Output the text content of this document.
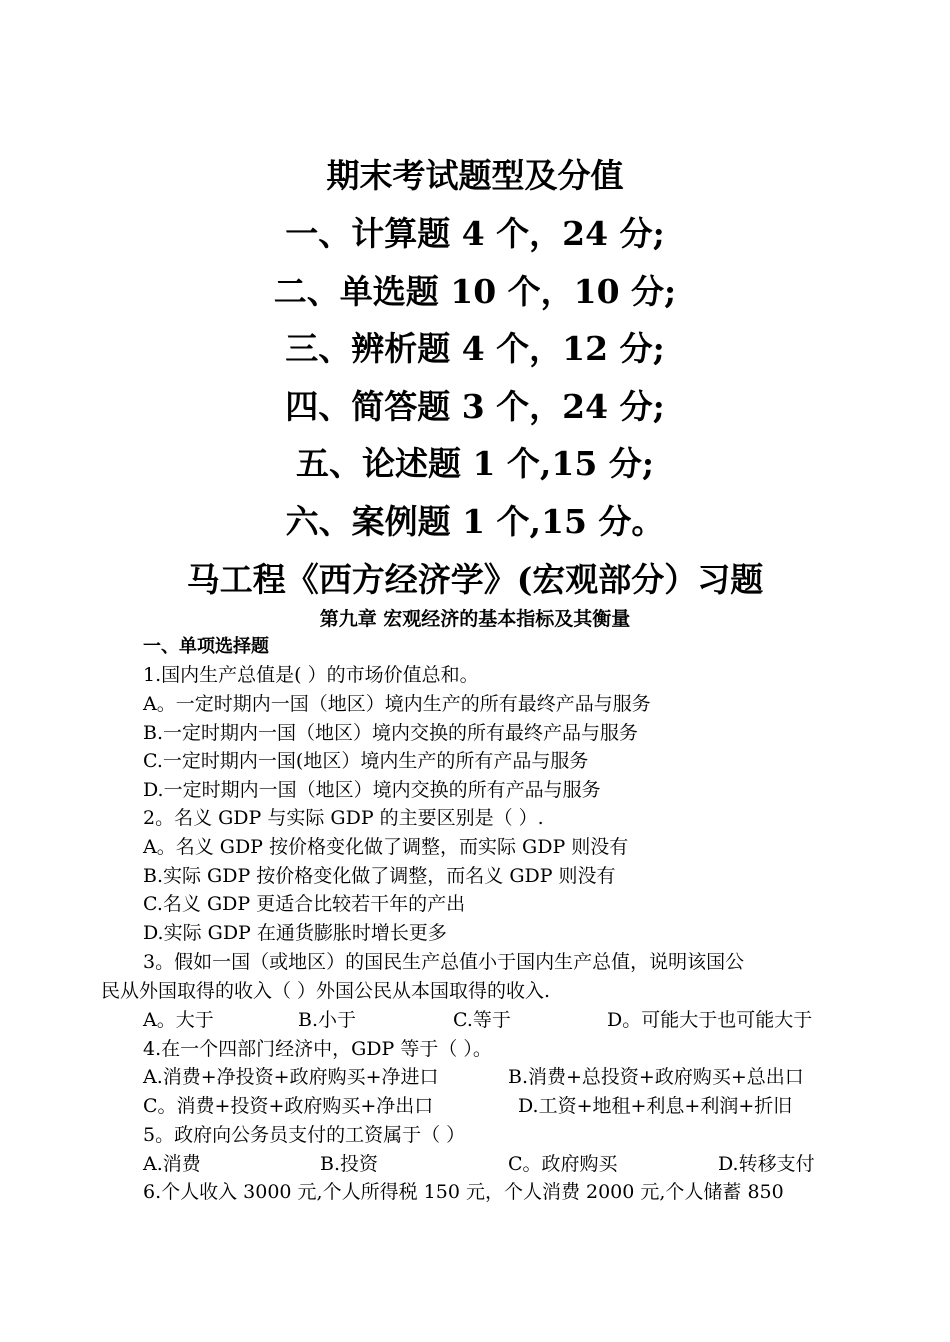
期末考试题型及分值
一、计算题 4 个，24 分;
二、单选题 10 个，10 分;
三、辨析题 4 个，12 分;
四、简答题 3 个，24 分;
五、论述题 1 个,15 分;
六、案例题 1 个,15 分。
马工程《西方经济学》(宏观部分）习题
第九章 宏观经济的基本指标及其衡量
一、单项选择题
1.国内生产总值是( ）的市场价值总和。
A。一定时期内一国（地区）境内生产的所有最终产品与服务
B.一定时期内一国（地区）境内交换的所有最终产品与服务
C.一定时期内一国(地区）境内生产的所有产品与服务
D.一定时期内一国（地区）境内交换的所有产品与服务
2。名义 GDP 与实际 GDP 的主要区别是（ ）.
A。名义 GDP 按价格变化做了调整，而实际 GDP 则没有
B.实际 GDP 按价格变化做了调整，而名义 GDP 则没有
C.名义 GDP 更适合比较若干年的产出
D.实际 GDP 在通货膨胀时增长更多
3。假如一国（或地区）的国民生产总值小于国内生产总值，说明该国公
民从外国取得的收入（ ）外国公民从本国取得的收入.
A。大于	B.小于	C.等于	D。可能大于也可能大于
4.在一个四部门经济中，GDP 等于（ ）。
A.消费+净投资+政府购买+净进口	B.消费+总投资+政府购买+总出口
C。消费+投资+政府购买+净出口	D.工资+地租+利息+利润+折旧
5。政府向公务员支付的工资属于（ ）
A.消费	B.投资	C。政府购买	D.转移支付
6.个人收入 3000 元,个人所得税 150 元，个人消费 2000 元,个人储蓄 850
